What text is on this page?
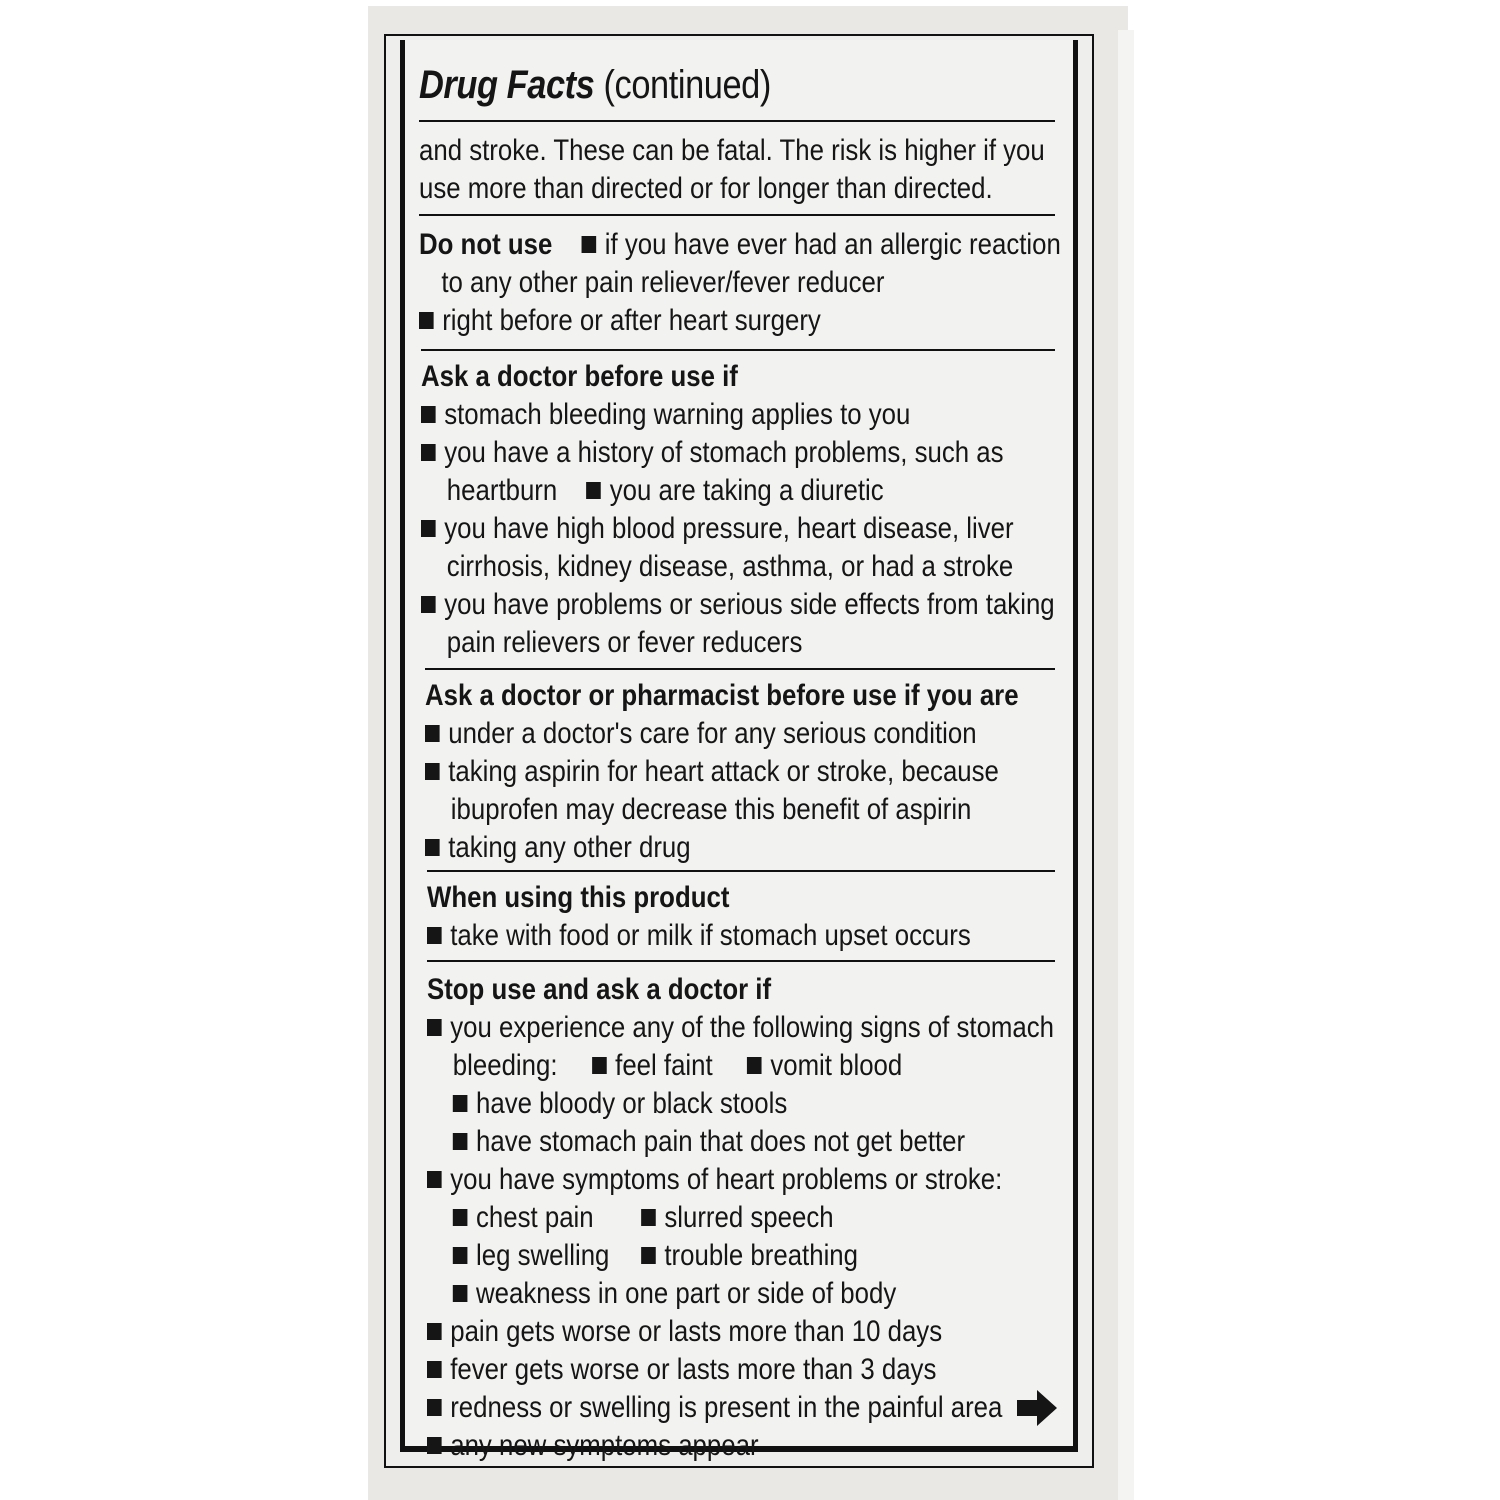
Drug Facts (continued)
and stroke. These can be fatal. The risk is higher if you
use more than directed or for longer than directed.
Do not use if you have ever had an allergic reaction
to any other pain reliever/fever reducer
right before or after heart surgery
Ask a doctor before use if
stomach bleeding warning applies to you
you have a history of stomach problems, such as
heartburn you are taking a diuretic
you have high blood pressure, heart disease, liver
cirrhosis, kidney disease, asthma, or had a stroke
you have problems or serious side effects from taking
pain relievers or fever reducers
Ask a doctor or pharmacist before use if you are
under a doctor's care for any serious condition
taking aspirin for heart attack or stroke, because
ibuprofen may decrease this benefit of aspirin
taking any other drug
When using this product
take with food or milk if stomach upset occurs
Stop use and ask a doctor if
you experience any of the following signs of stomach
bleeding: feel faint vomit blood
have bloody or black stools
have stomach pain that does not get better
you have symptoms of heart problems or stroke:
chest pain slurred speech
leg swelling trouble breathing
weakness in one part or side of body
pain gets worse or lasts more than 10 days
fever gets worse or lasts more than 3 days
redness or swelling is present in the painful area
any new symptoms appear
